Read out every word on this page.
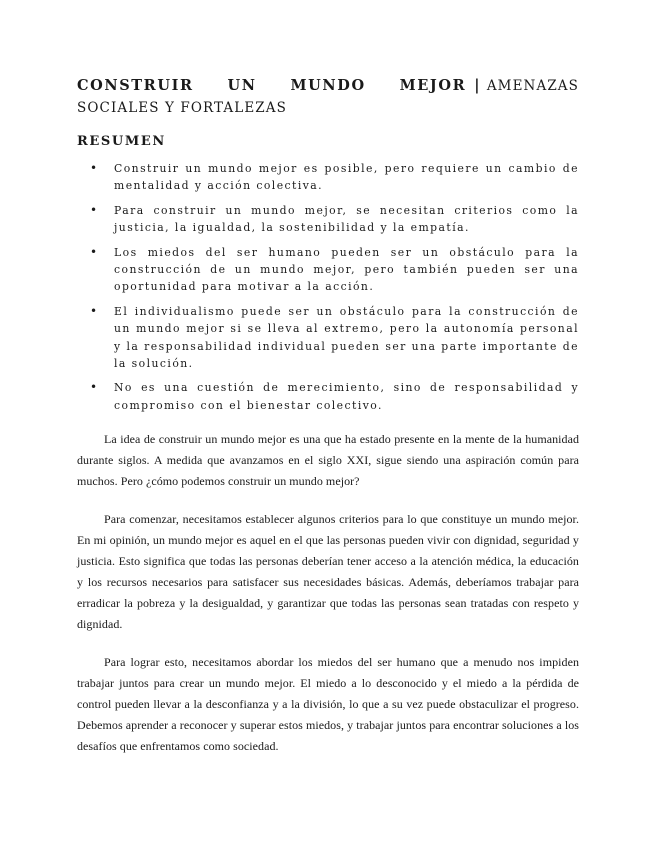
CONSTRUIR UN MUNDO MEJOR | AMENAZAS SOCIALES Y FORTALEZAS
RESUMEN
• Construir un mundo mejor es posible, pero requiere un cambio de mentalidad y acción colectiva.
• Para construir un mundo mejor, se necesitan criterios como la justicia, la igualdad, la sostenibilidad y la empatía.
• Los miedos del ser humano pueden ser un obstáculo para la construcción de un mundo mejor, pero también pueden ser una oportunidad para motivar a la acción.
• El individualismo puede ser un obstáculo para la construcción de un mundo mejor si se lleva al extremo, pero la autonomía personal y la responsabilidad individual pueden ser una parte importante de la solución.
• No es una cuestión de merecimiento, sino de responsabilidad y compromiso con el bienestar colectivo.

La idea de construir un mundo mejor es una que ha estado presente en la mente de la humanidad durante siglos. A medida que avanzamos en el siglo XXI, sigue siendo una aspiración común para muchos. Pero ¿cómo podemos construir un mundo mejor?

Para comenzar, necesitamos establecer algunos criterios para lo que constituye un mundo mejor. En mi opinión, un mundo mejor es aquel en el que las personas pueden vivir con dignidad, seguridad y justicia. Esto significa que todas las personas deberían tener acceso a la atención médica, la educación y los recursos necesarios para satisfacer sus necesidades básicas. Además, deberíamos trabajar para erradicar la pobreza y la desigualdad, y garantizar que todas las personas sean tratadas con respeto y dignidad.

Para lograr esto, necesitamos abordar los miedos del ser humano que a menudo nos impiden trabajar juntos para crear un mundo mejor. El miedo a lo desconocido y el miedo a la pérdida de control pueden llevar a la desconfianza y a la división, lo que a su vez puede obstaculizar el progreso. Debemos aprender a reconocer y superar estos miedos, y trabajar juntos para encontrar soluciones a los desafíos que enfrentamos como sociedad.
